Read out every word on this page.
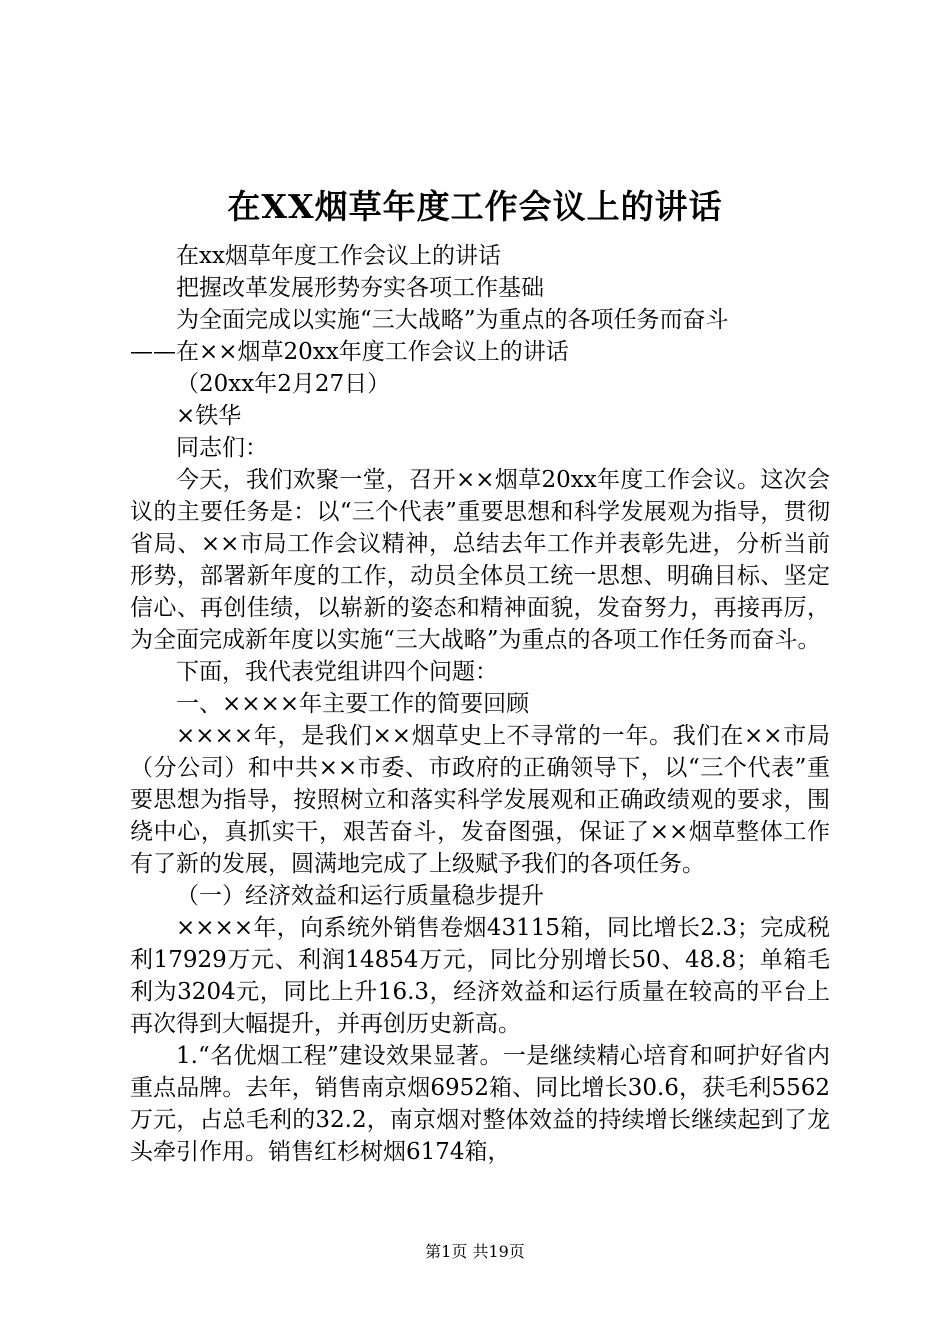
在XX烟草年度工作会议上的讲话

在xx烟草年度工作会议上的讲话

把握改革发展形势夯实各项工作基础

为全面完成以实施“三大战略”为重点的各项任务而奋斗

——在××烟草20xx年度工作会议上的讲话

（20xx年2月27日）

×铁华

同志们：

今天，我们欢聚一堂，召开××烟草20xx年度工作会议。这次会议的主要任务是：以“三个代表”重要思想和科学发展观为指导，贯彻省局、××市局工作会议精神，总结去年工作并表彰先进，分析当前形势，部署新年度的工作，动员全体员工统一思想、明确目标、坚定信心、再创佳绩，以崭新的姿态和精神面貌，发奋努力，再接再厉，为全面完成新年度以实施“三大战略”为重点的各项工作任务而奋斗。

下面，我代表党组讲四个问题：

一、××××年主要工作的简要回顾

××××年，是我们××烟草史上不寻常的一年。我们在××市局（分公司）和中共××市委、市政府的正确领导下，以“三个代表”重要思想为指导，按照树立和落实科学发展观和正确政绩观的要求，围绕中心，真抓实干，艰苦奋斗，发奋图强，保证了××烟草整体工作有了新的发展，圆满地完成了上级赋予我们的各项任务。

（一）经济效益和运行质量稳步提升

××××年，向系统外销售卷烟43115箱，同比增长2.3；完成税利17929万元、利润14854万元，同比分别增长50、48.8；单箱毛利为3204元，同比上升16.3，经济效益和运行质量在较高的平台上再次得到大幅提升，并再创历史新高。

1.“名优烟工程”建设效果显著。一是继续精心培育和呵护好省内重点品牌。去年，销售南京烟6952箱、同比增长30.6，获毛利5562万元，占总毛利的32.2，南京烟对整体效益的持续增长继续起到了龙头牵引作用。销售红杉树烟6174箱，

第1页 共19页
